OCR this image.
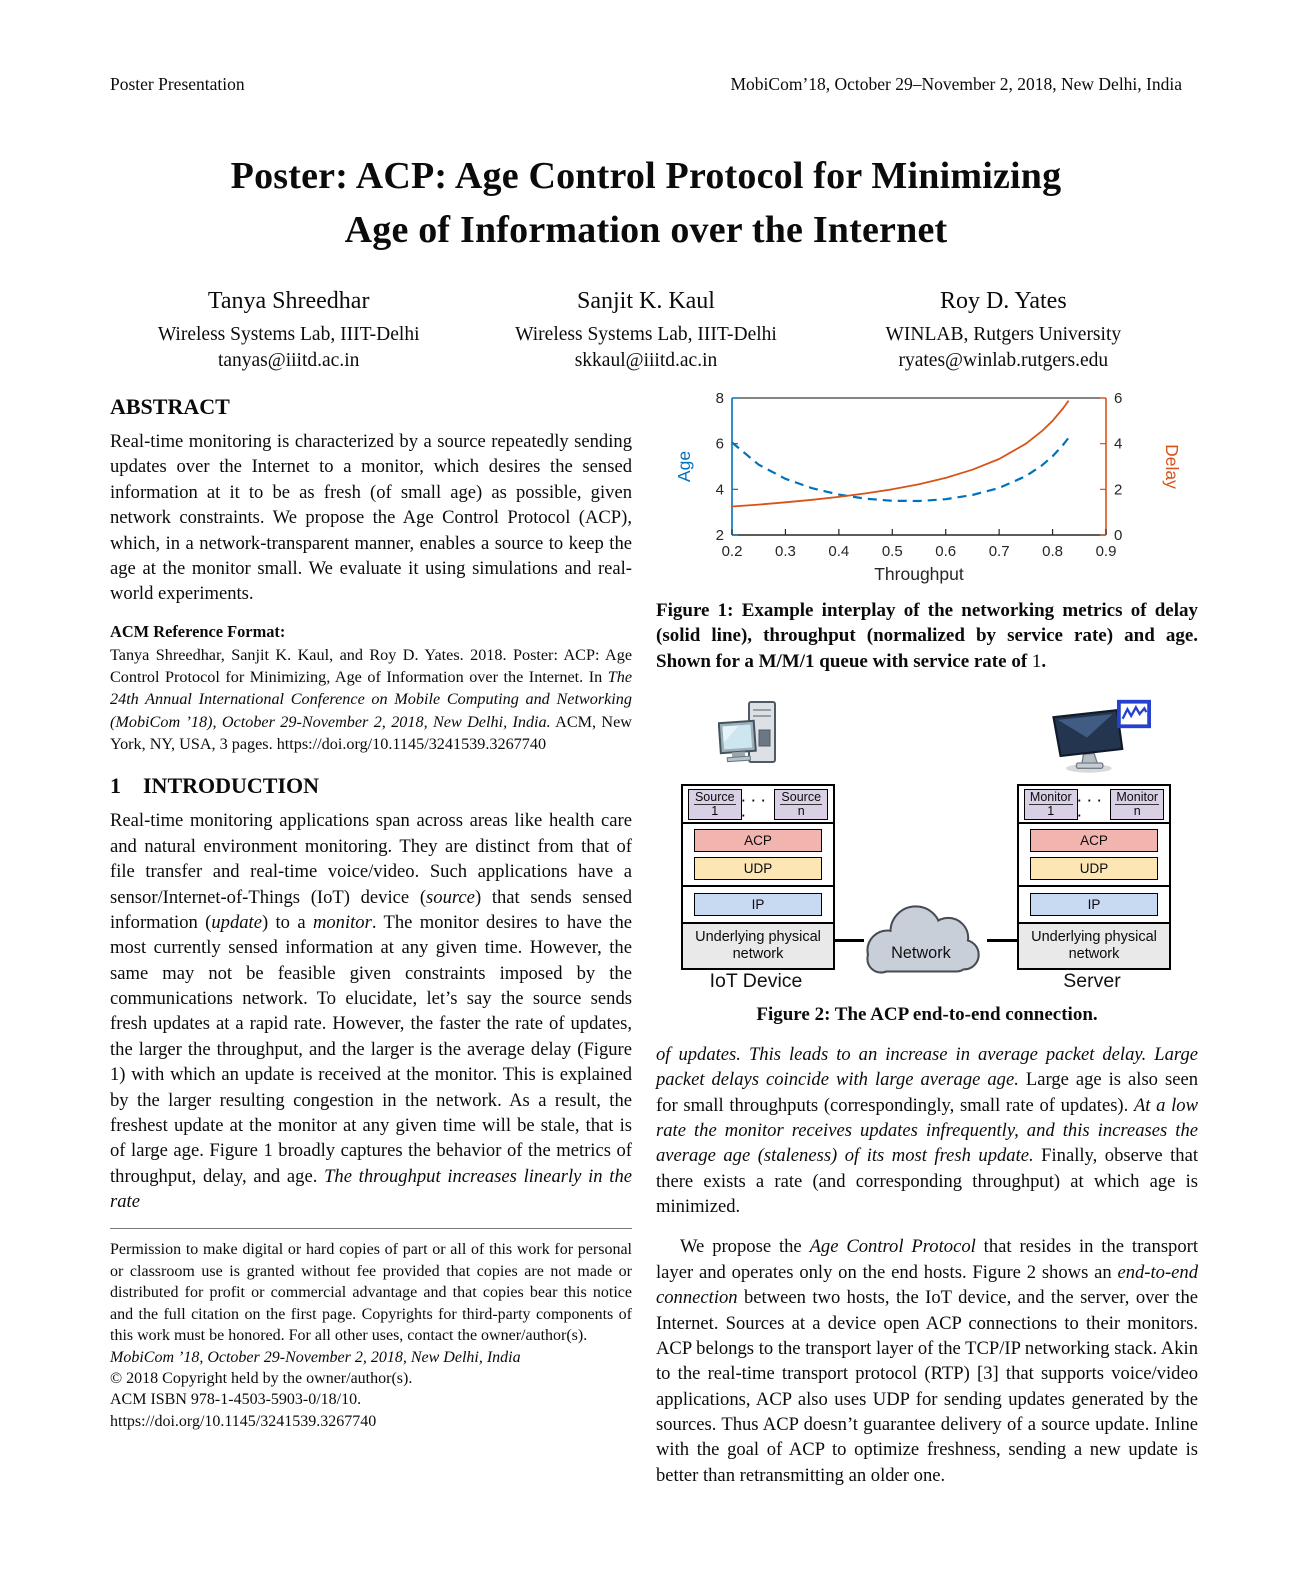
Poster Presentation	MobiCom’18, October 29–November 2, 2018, New Delhi, India
Poster: ACP: Age Control Protocol for Minimizing
Age of Information over the Internet
Tanya Shreedhar
Wireless Systems Lab, IIIT-Delhi
tanyas@iiitd.ac.in
Sanjit K. Kaul
Wireless Systems Lab, IIIT-Delhi
skkaul@iiitd.ac.in
Roy D. Yates
WINLAB, Rutgers University
ryates@winlab.rutgers.edu
ABSTRACT

Real-time monitoring is characterized by a source repeatedly sending updates over the Internet to a monitor, which desires the sensed information at it to be as fresh (of small age) as possible, given network constraints. We propose the Age Control Protocol (ACP), which, in a network-transparent manner, enables a source to keep the age at the monitor small. We evaluate it using simulations and real-world experiments.

ACM Reference Format:

Tanya Shreedhar, Sanjit K. Kaul, and Roy D. Yates. 2018. Poster: ACP: Age Control Protocol for Minimizing, Age of Information over the Internet. In The 24th Annual International Conference on Mobile Computing and Networking (MobiCom ’18), October 29-November 2, 2018, New Delhi, India. ACM, New York, NY, USA, 3 pages. https://doi.org/10.1145/3241539.3267740

1 INTRODUCTION

Real-time monitoring applications span across areas like health care and natural environment monitoring. They are distinct from that of file transfer and real-time voice/video. Such applications have a sensor/Internet-of-Things (IoT) device (source) that sends sensed information (update) to a monitor. The monitor desires to have the most currently sensed information at any given time. However, the same may not be feasible given constraints imposed by the communications network. To elucidate, let’s say the source sends fresh updates at a rapid rate. However, the faster the rate of updates, the larger the throughput, and the larger is the average delay (Figure 1) with which an update is received at the monitor. This is explained by the larger resulting congestion in the network. As a result, the freshest update at the monitor at any given time will be stale, that is of large age. Figure 1 broadly captures the behavior of the metrics of throughput, delay, and age. The throughput increases linearly in the rate

Permission to make digital or hard copies of part or all of this work for personal or classroom use is granted without fee provided that copies are not made or distributed for profit or commercial advantage and that copies bear this notice and the full citation on the first page. Copyrights for third-party components of this work must be honored. For all other uses, contact the owner/author(s).

MobiCom ’18, October 29-November 2, 2018, New Delhi, India

© 2018 Copyright held by the owner/author(s).

ACM ISBN 978-1-4503-5903-0/18/10.

https://doi.org/10.1145/3241539.3267740

0.2 0.3 0.4 0.5 0.6 0.7 0.8 0.9
2
4
6
8
0
2
4
6
Age	Delay
Throughput

Figure 1: Example interplay of the networking metrics of delay (solid line), throughput (normalized by service rate) and age. Shown for a M/M/1 queue with service rate of 1.

Source
1
· · · ·
Source
n
ACP
UDP
IP
Underlying physical network
Monitor
1
· · · ·
Monitor
n
ACP
UDP
IP
Underlying physical network
Network
IoT Device	Server

Figure 2: The ACP end-to-end connection.

of updates. This leads to an increase in average packet delay. Large packet delays coincide with large average age. Large age is also seen for small throughputs (correspondingly, small rate of updates). At a low rate the monitor receives updates infrequently, and this increases the average age (staleness) of its most fresh update. Finally, observe that there exists a rate (and corresponding throughput) at which age is minimized.

We propose the Age Control Protocol that resides in the transport layer and operates only on the end hosts. Figure 2 shows an end-to-end connection between two hosts, the IoT device, and the server, over the Internet. Sources at a device open ACP connections to their monitors. ACP belongs to the transport layer of the TCP/IP networking stack. Akin to the real-time transport protocol (RTP) [3] that supports voice/video applications, ACP also uses UDP for sending updates generated by the sources. Thus ACP doesn’t guarantee delivery of a source update. Inline with the goal of ACP to optimize freshness, sending a new update is better than retransmitting an older one.
